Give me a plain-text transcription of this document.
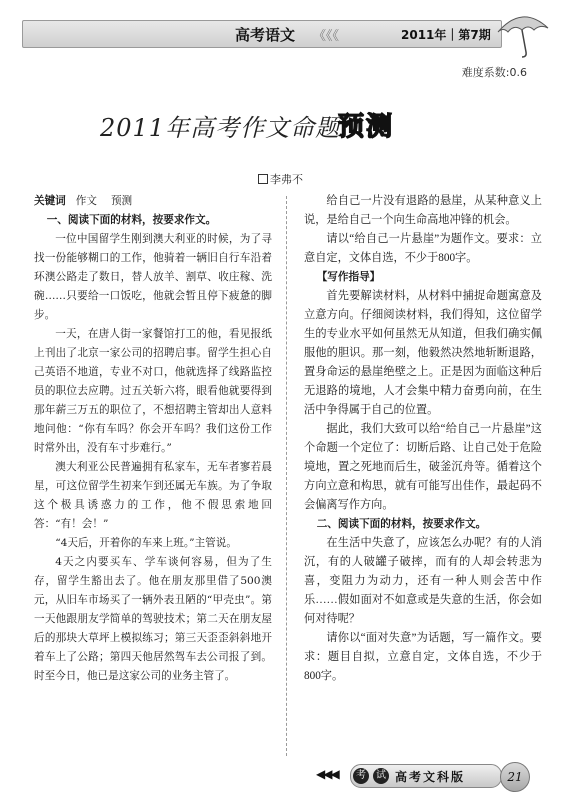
高考语文 《《《	2011年｜第7期
难度系数:0.6
2011年高考作文命题
预测
李弗不

关键词 作文 预测

一、阅读下面的材料，按要求作文。

一位中国留学生刚到澳大利亚的时候，为了寻找一份能够糊口的工作，他骑着一辆旧自行车沿着环澳公路走了数日，替人放羊、割草、收庄稼、洗碗……只要给一口饭吃，他就会暂且停下疲惫的脚步。

一天，在唐人街一家餐馆打工的他，看见报纸上刊出了北京一家公司的招聘启事。留学生担心自己英语不地道，专业不对口，他就选择了线路监控员的职位去应聘。过五关斩六将，眼看他就要得到那年薪三万五的职位了，不想招聘主管却出人意料地问他：“你有车吗？你会开车吗？我们这份工作时常外出，没有车寸步难行。”

澳大利亚公民普遍拥有私家车，无车者寥若晨星，可这位留学生初来乍到还属无车族。为了争取这个极具诱惑力的工作，他不假思索地回答：“有！会！”

“4天后，开着你的车来上班。”主管说。

4天之内要买车、学车谈何容易，但为了生存，留学生豁出去了。他在朋友那里借了500澳元，从旧车市场买了一辆外表丑陋的“甲壳虫”。第一天他跟朋友学简单的驾驶技术；第二天在朋友屋后的那块大草坪上模拟练习；第三天歪歪斜斜地开着车上了公路；第四天他居然驾车去公司报了到。时至今日，他已是这家公司的业务主管了。

给自己一片没有退路的悬崖，从某种意义上说，是给自己一个向生命高地冲锋的机会。

请以“给自己一片悬崖”为题作文。要求：立意自定，文体自选，不少于800字。

【写作指导】

首先要解读材料，从材料中捕捉命题寓意及立意方向。仔细阅读材料，我们得知，这位留学生的专业水平如何虽然无从知道，但我们确实佩服他的胆识。那一刻，他毅然决然地斩断退路，置身命运的悬崖绝壁之上。正是因为面临这种后无退路的境地，人才会集中精力奋勇向前，在生活中争得属于自己的位置。

据此，我们大致可以给“给自己一片悬崖”这个命题一个定位了：切断后路、让自己处于危险境地，置之死地而后生，破釜沉舟等。循着这个方向立意和构思，就有可能写出佳作，最起码不会偏离写作方向。

二、阅读下面的材料，按要求作文。

在生活中失意了，应该怎么办呢？有的人消沉，有的人破罐子破摔，而有的人却会转悲为喜，变阻力为动力，还有一种人则会苦中作乐……假如面对不如意或是失意的生活，你会如何对待呢？

请你以“面对失意”为话题，写一篇作文。要求：题目自拟，立意自定，文体自选，不少于800字。

◀◀◀	考	试 高考文科版	21
